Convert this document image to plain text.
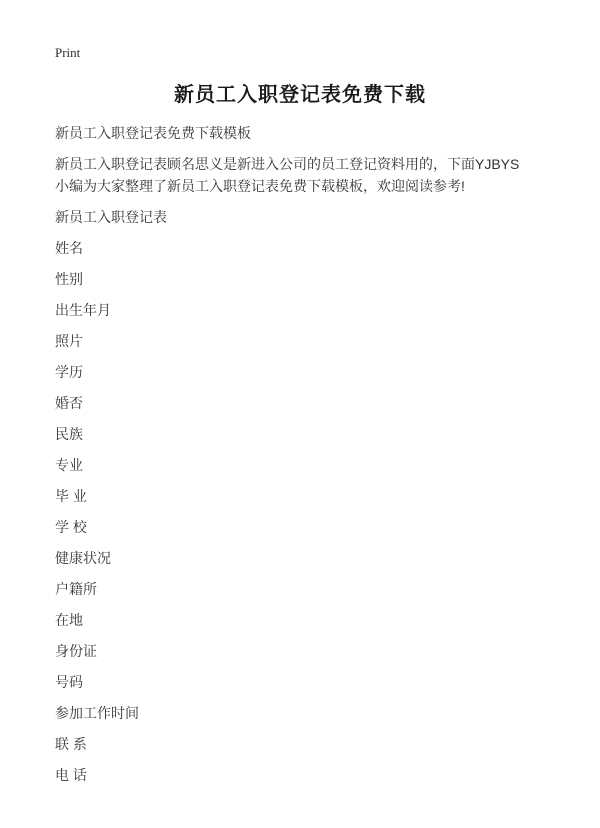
Print
新员工入职登记表免费下载

新员工入职登记表免费下载模板

新员工入职登记表顾名思义是新进入公司的员工登记资料用的，下面YJBYS小编为大家整理了新员工入职登记表免费下载模板，欢迎阅读参考!

新员工入职登记表

姓名

性别

出生年月

照片

学历

婚否

民族

专业

毕 业

学 校

健康状况

户籍所

在地

身份证

号码

参加工作时间

联 系

电 话
